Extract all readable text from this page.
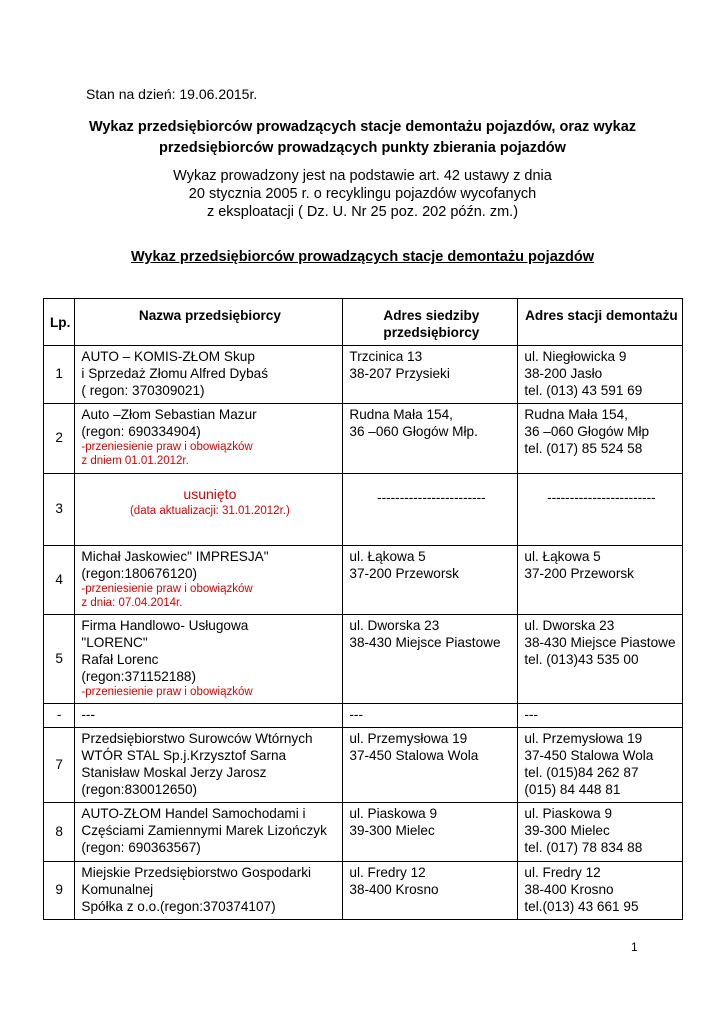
Stan na dzień: 19.06.2015r.
Wykaz przedsiębiorców prowadzących stacje demontażu pojazdów, oraz wykaz
przedsiębiorców prowadzących punkty zbierania pojazdów
Wykaz prowadzony jest na podstawie art. 42 ustawy z dnia
20 stycznia 2005 r. o recyklingu pojazdów wycofanych
z eksploatacji ( Dz. U. Nr 25 poz. 202 późn. zm.)
Wykaz przedsiębiorców prowadzących stacje demontażu pojazdów
Lp.	Nazwa przedsiębiorcy	Adres siedziby
przedsiębiorcy	Adres stacji demontażu
1	AUTO – KOMIS-ZŁOM Skup
i Sprzedaż Złomu Alfred Dybaś
( regon: 370309021)	Trzcinica 13
38-207 Przysieki	ul. Niegłowicka 9
38-200 Jasło
tel. (013) 43 591 69

2	Auto –Złom Sebastian Mazur
(regon: 690334904)
-przeniesienie praw i obowiązków
z dniem 01.01.2012r.	Rudna Mała 154,
36 –060 Głogów Młp.	Rudna Mała 154,
36 –060 Głogów Młp
tel. (017) 85 524 58

3	usunięto
(data aktualizacji: 31.01.2012r.)	------------------------	------------------------

4	Michał Jaskowiec" IMPRESJA"
(regon:180676120)
-przeniesienie praw i obowiązków
z dnia: 07.04.2014r.	ul. Łąkowa 5
37-200 Przeworsk	ul. Łąkowa 5
37-200 Przeworsk

5	Firma Handlowo- Usługowa
"LORENC"
Rafał Lorenc
(regon:371152188)
-przeniesienie praw i obowiązków	ul. Dworska 23
38-430 Miejsce Piastowe	ul. Dworska 23
38-430 Miejsce Piastowe
tel. (013)43 535 00

-	---	---	---

7	Przedsiębiorstwo Surowców Wtórnych
WTÓR STAL Sp.j.Krzysztof Sarna
Stanisław Moskal Jerzy Jarosz
(regon:830012650)	ul. Przemysłowa 19
37-450 Stalowa Wola	ul. Przemysłowa 19
37-450 Stalowa Wola
tel. (015)84 262 87
(015) 84 448 81

8	AUTO-ZŁOM Handel Samochodami i
Częściami Zamiennymi Marek Lizończyk
(regon: 690363567)	ul. Piaskowa 9
39-300 Mielec	ul. Piaskowa 9
39-300 Mielec
tel. (017) 78 834 88

9	Miejskie Przedsiębiorstwo Gospodarki
Komunalnej
Spółka z o.o.(regon:370374107)	ul. Fredry 12
38-400 Krosno	ul. Fredry 12
38-400 Krosno
tel.(013) 43 661 95
1
